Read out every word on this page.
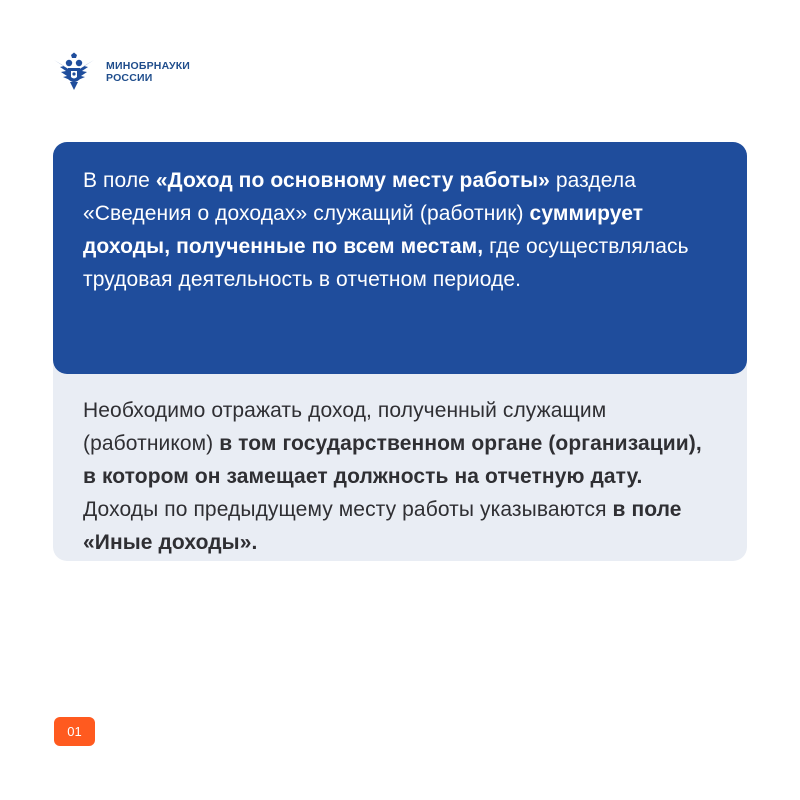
МИНОБРНАУКИ
РОССИИ

Необходимо отражать доход, полученный служащим (работником) в том государственном органе (организации), в котором он замещает должность на отчетную дату. Доходы по предыдущему месту работы указываются в поле «Иные доходы».

В поле «Доход по основному месту работы» раздела «Сведения о доходах» служащий (работник) суммирует доходы, полученные по всем местам, где осуществлялась трудовая деятельность в отчетном периоде.

01
